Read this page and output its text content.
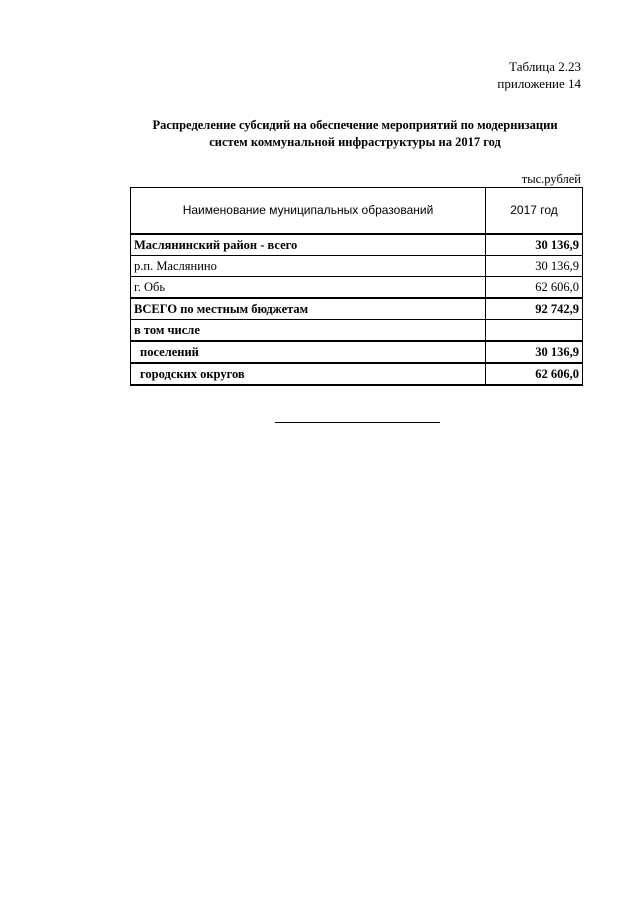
Таблица 2.23
приложение 14
Распределение субсидий на обеспечение мероприятий по модернизации
систем коммунальной инфраструктуры на 2017 год
тыс.рублей
Наименование муниципальных образований	2017 год
Маслянинский район - всего	30 136,9
р.п. Маслянино	30 136,9
г. Обь	62 606,0
ВСЕГО по местным бюджетам	92 742,9
в том числе	
поселений	30 136,9
городских округов	62 606,0
